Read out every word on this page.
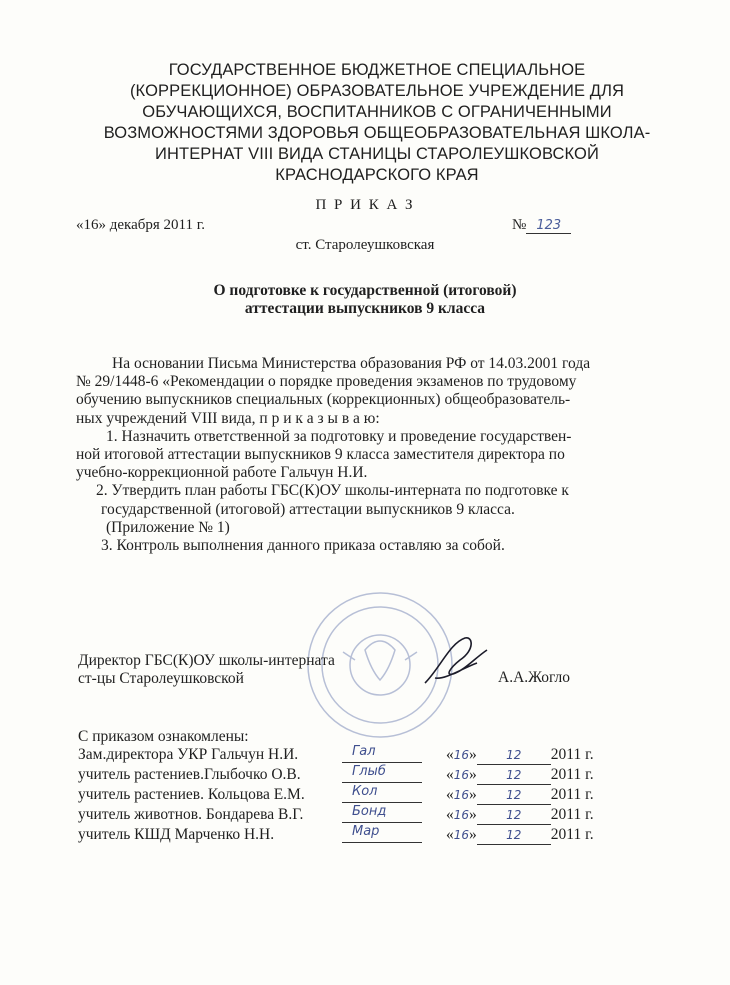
ГОСУДАРСТВЕННОЕ БЮДЖЕТНОЕ СПЕЦИАЛЬНОЕ
(КОРРЕКЦИОННОЕ) ОБРАЗОВАТЕЛЬНОЕ УЧРЕЖДЕНИЕ ДЛЯ
ОБУЧАЮЩИХСЯ, ВОСПИТАННИКОВ С ОГРАНИЧЕННЫМИ
ВОЗМОЖНОСТЯМИ ЗДОРОВЬЯ ОБЩЕОБРАЗОВАТЕЛЬНАЯ ШКОЛА-
ИНТЕРНАТ VIII ВИДА СТАНИЦЫ СТАРОЛЕУШКОВСКОЙ
КРАСНОДАРСКОГО КРАЯ
П Р И К А З
«16» декабря 2011 г.	№ 123
ст. Старолеушковская
О подготовке к государственной (итоговой)
аттестации выпускников 9 класса
На основании Письма Министерства образования РФ от 14.03.2001 года
№ 29/1448-6 «Рекомендации о порядке проведения экзаменов по трудовому
обучению выпускников специальных (коррекционных) общеобразователь-
ных учреждений VIII вида, п р и к а з ы в а ю:
1. Назначить ответственной за подготовку и проведение государствен-
ной итоговой аттестации выпускников 9 класса заместителя директора по
учебно-коррекционной работе Гальчун Н.И.
2. Утвердить план работы ГБС(К)ОУ школы-интерната по подготовке к
государственной (итоговой) аттестации выпускников 9 класса.
(Приложение № 1)
3. Контроль выполнения данного приказа оставляю за собой.
Директор ГБС(К)ОУ школы-интерната
ст-цы Старолеушковской	А.А.Жогло
С приказом ознакомлены:
Зам.директора УКР Гальчун Н.И.	Гал	«16» 12 2011 г.
учитель растениев.Глыбочко О.В.	Глыб	«16» 12 2011 г.
учитель растениев. Кольцова Е.М.	Кол	«16» 12 2011 г.
учитель животнов. Бондарева В.Г.	Бонд	«16» 12 2011 г.
учитель КШД Марченко Н.Н.	Мар	«16» 12 2011 г.
